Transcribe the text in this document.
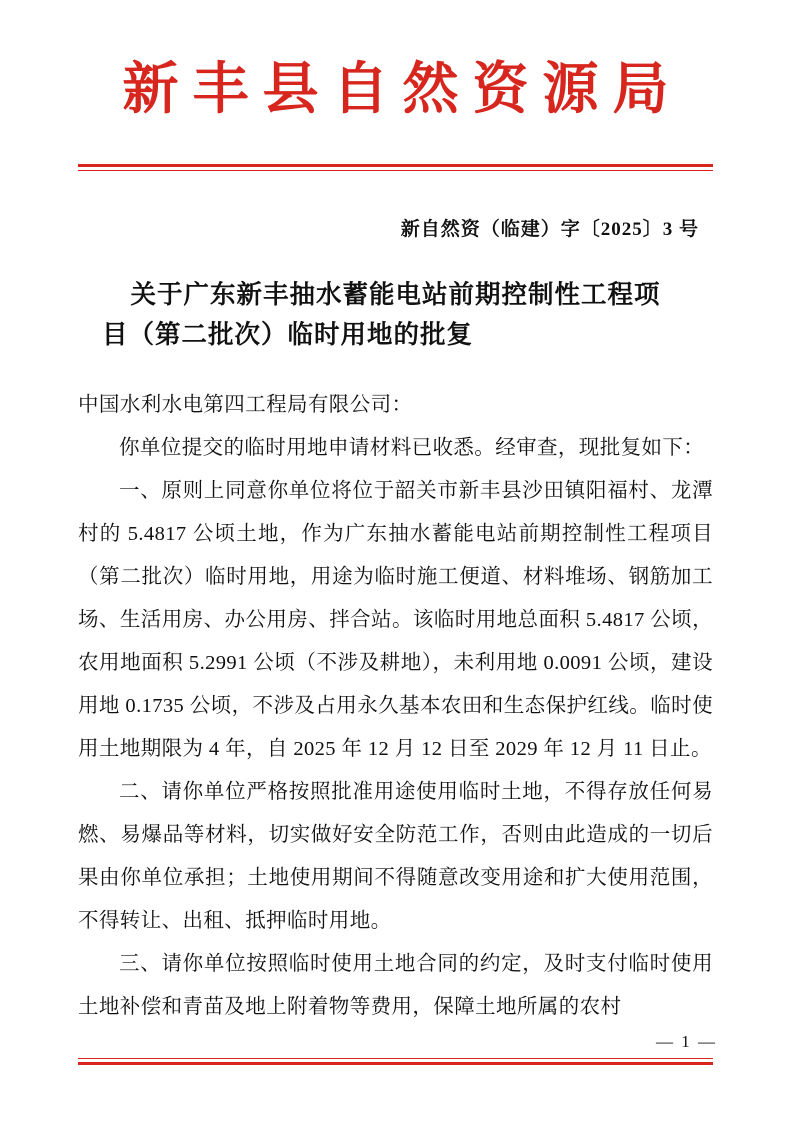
新丰县自然资源局
新自然资（临建）字〔2025〕3 号
关于广东新丰抽水蓄能电站前期控制性工程项
目（第二批次）临时用地的批复

中国水利水电第四工程局有限公司：

你单位提交的临时用地申请材料已收悉。经审查，现批复如下：

一、原则上同意你单位将位于韶关市新丰县沙田镇阳福村、龙潭村的 5.4817 公顷土地，作为广东抽水蓄能电站前期控制性工程项目（第二批次）临时用地，用途为临时施工便道、材料堆场、钢筋加工场、生活用房、办公用房、拌合站。该临时用地总面积 5.4817 公顷，农用地面积 5.2991 公顷（不涉及耕地），未利用地 0.0091 公顷，建设用地 0.1735 公顷，不涉及占用永久基本农田和生态保护红线。临时使用土地期限为 4 年，自 2025 年 12 月 12 日至 2029 年 12 月 11 日止。

二、请你单位严格按照批准用途使用临时土地，不得存放任何易燃、易爆品等材料，切实做好安全防范工作，否则由此造成的一切后果由你单位承担；土地使用期间不得随意改变用途和扩大使用范围，不得转让、出租、抵押临时用地。

三、请你单位按照临时使用土地合同的约定，及时支付临时使用土地补偿和青苗及地上附着物等费用，保障土地所属的农村

— 1 —
